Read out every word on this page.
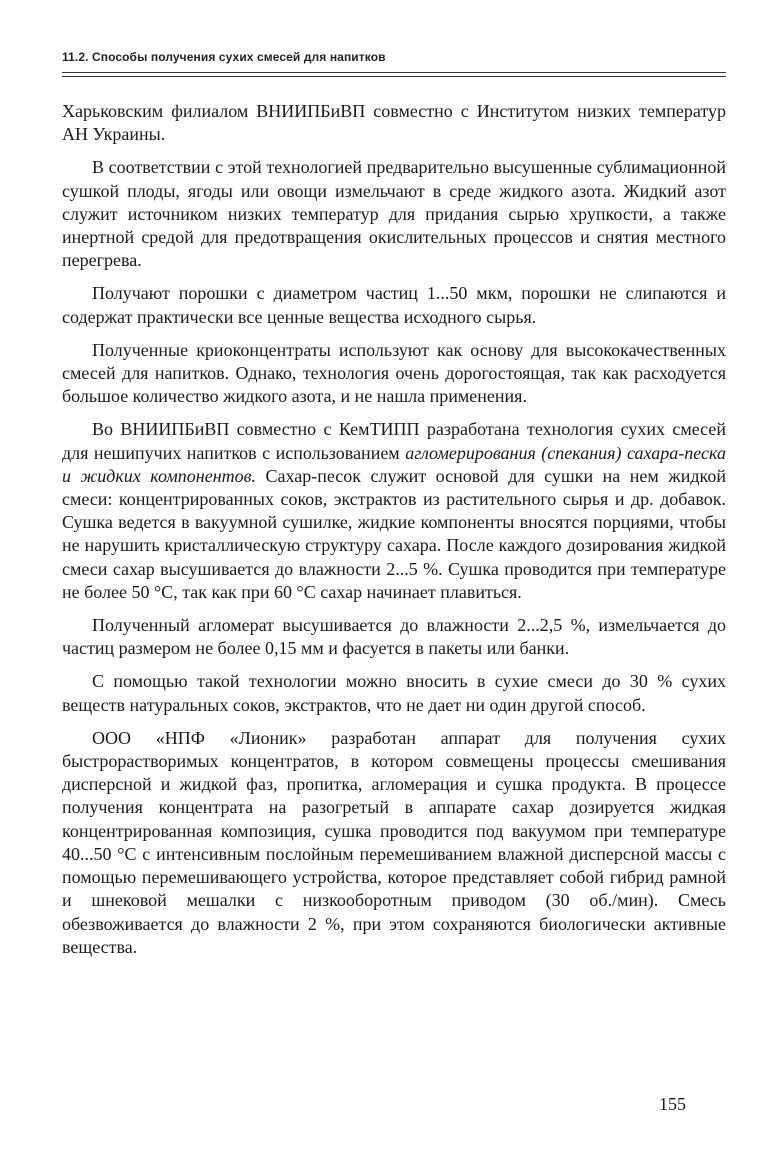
11.2. Способы получения сухих смесей для напитков

Харьковским филиалом ВНИИПБиВП совместно с Институтом низких температур АН Украины.

В соответствии с этой технологией предварительно высушенные сублимационной сушкой плоды, ягоды или овощи измельчают в среде жидкого азота. Жидкий азот служит источником низких температур для придания сырью хрупкости, а также инертной средой для предотвращения окислительных процессов и снятия местного перегрева.

Получают порошки с диаметром частиц 1...50 мкм, порошки не слипаются и содержат практически все ценные вещества исходного сырья.

Полученные криоконцентраты используют как основу для высококачественных смесей для напитков. Однако, технология очень дорогостоящая, так как расходуется большое количество жидкого азота, и не нашла применения.

Во ВНИИПБиВП совместно с КемТИПП разработана технология сухих смесей для нешипучих напитков с использованием агломерирования (спекания) сахара-песка и жидких компонентов. Сахар-песок служит основой для сушки на нем жидкой смеси: концентрированных соков, экстрактов из растительного сырья и др. добавок. Сушка ведется в вакуумной сушилке, жидкие компоненты вносятся порциями, чтобы не нарушить кристаллическую структуру сахара. После каждого дозирования жидкой смеси сахар высушивается до влажности 2...5 %. Сушка проводится при температуре не более 50 °С, так как при 60 °С сахар начинает плавиться.

Полученный агломерат высушивается до влажности 2...2,5 %, измельчается до частиц размером не более 0,15 мм и фасуется в пакеты или банки.

С помощью такой технологии можно вносить в сухие смеси до 30 % сухих веществ натуральных соков, экстрактов, что не дает ни один другой способ.

ООО «НПФ «Лионик» разработан аппарат для получения сухих быстрорастворимых концентратов, в котором совмещены процессы смешивания дисперсной и жидкой фаз, пропитка, агломерация и сушка продукта. В процессе получения концентрата на разогретый в аппарате сахар дозируется жидкая концентрированная композиция, сушка проводится под вакуумом при температуре 40...50 °С с интенсивным послойным перемешиванием влажной дисперсной массы с помощью перемешивающего устройства, которое представляет собой гибрид рамной и шнековой мешалки с низкооборотным приводом (30 об./мин). Смесь обезвоживается до влажности 2 %, при этом сохраняются биологически активные вещества.

155
